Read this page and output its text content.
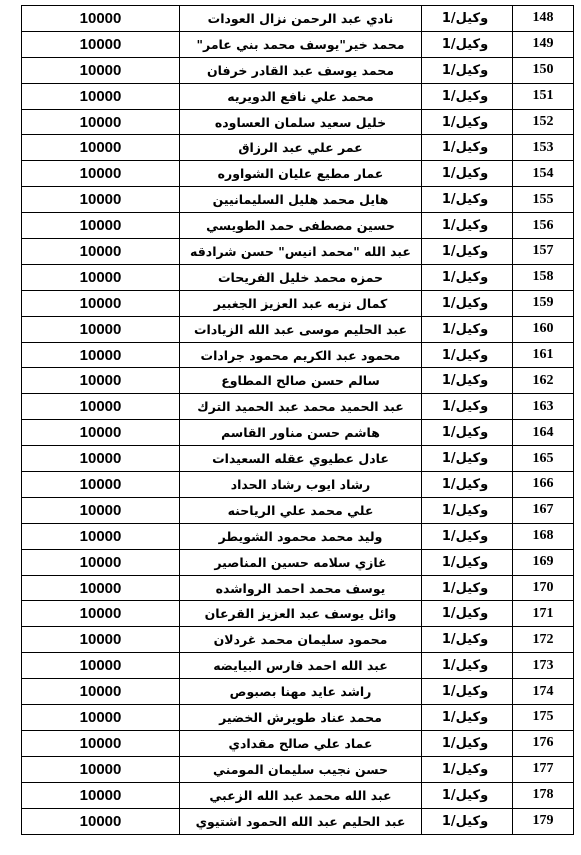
10000	نادي عبد الرحمن نزال العودات	وكيل/1	148
10000	محمد خير"يوسف محمد بني عامر"	وكيل/1	149
10000	محمد يوسف عبد القادر خرفان	وكيل/1	150
10000	محمد علي نافع الدويريه	وكيل/1	151
10000	خليل سعيد سلمان العساوده	وكيل/1	152
10000	عمر علي عبد الرزاق	وكيل/1	153
10000	عمار مطيع عليان الشواوره	وكيل/1	154
10000	هايل محمد هليل السليمانيين	وكيل/1	155
10000	حسين مصطفى حمد الطويسي	وكيل/1	156
10000	عبد الله "محمد انيس" حسن شرادقه	وكيل/1	157
10000	حمزه محمد خليل الفريحات	وكيل/1	158
10000	كمال نزيه عبد العزيز الجغبير	وكيل/1	159
10000	عبد الحليم موسى عبد الله الزيادات	وكيل/1	160
10000	محمود عبد الكريم محمود جرادات	وكيل/1	161
10000	سالم حسن صالح المطاوع	وكيل/1	162
10000	عبد الحميد محمد عبد الحميد الترك	وكيل/1	163
10000	هاشم حسن مناور القاسم	وكيل/1	164
10000	عادل عطيوي عقله السعيدات	وكيل/1	165
10000	رشاد ايوب رشاد الحداد	وكيل/1	166
10000	علي محمد علي الرياحنه	وكيل/1	167
10000	وليد محمد محمود الشويطر	وكيل/1	168
10000	غازي سلامه حسين المناصير	وكيل/1	169
10000	يوسف محمد احمد الرواشده	وكيل/1	170
10000	وائل يوسف عبد العزيز القرعان	وكيل/1	171
10000	محمود سليمان محمد غردلان	وكيل/1	172
10000	عبد الله احمد فارس البيايضه	وكيل/1	173
10000	راشد عايد مهنا بصبوص	وكيل/1	174
10000	محمد عناد طويرش الخضير	وكيل/1	175
10000	عماد علي صالح مقدادي	وكيل/1	176
10000	حسن نجيب سليمان المومني	وكيل/1	177
10000	عبد الله محمد عبد الله الزعبي	وكيل/1	178
10000	عبد الحليم عبد الله الحمود اشتيوي	وكيل/1	179
